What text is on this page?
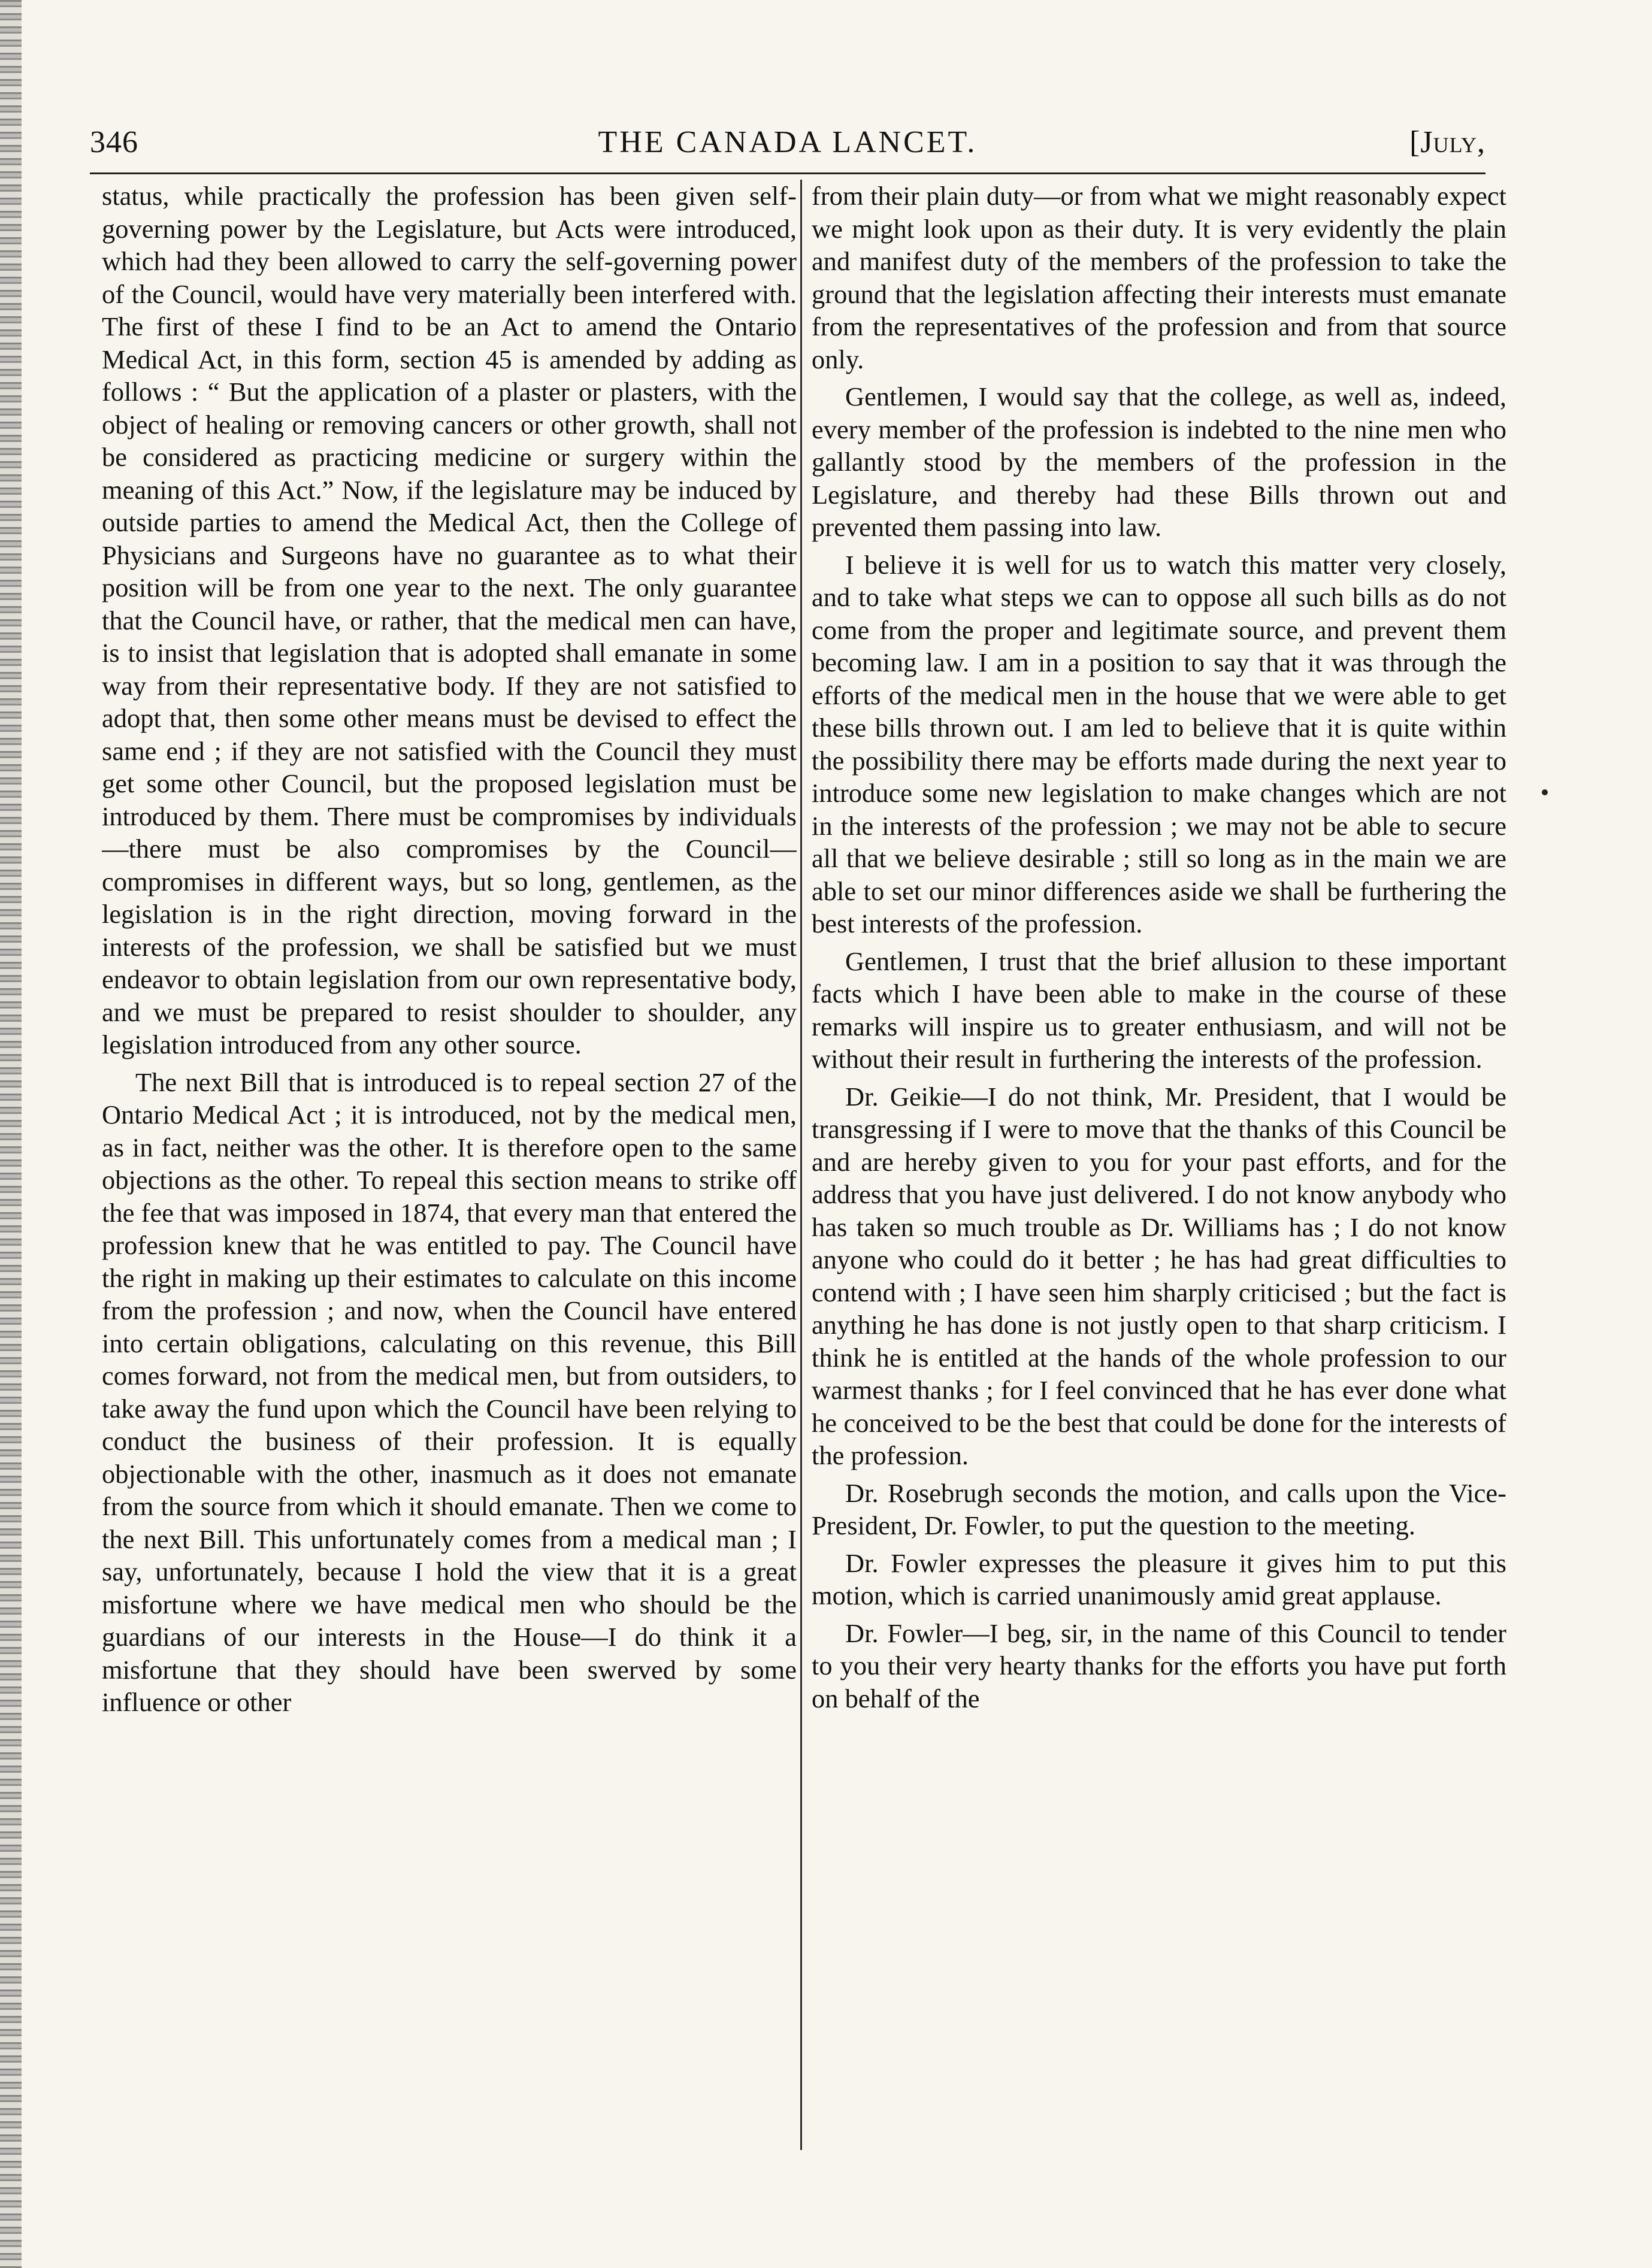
346	THE CANADA LANCET.	[July,

status, while practically the profession has been given self-governing power by the Legislature, but Acts were introduced, which had they been allowed to carry the self-governing power of the Council, would have very materially been interfered with. The first of these I find to be an Act to amend the Ontario Medical Act, in this form, section 45 is amended by adding as follows : “ But the application of a plaster or plasters, with the object of healing or removing cancers or other growth, shall not be considered as practicing medicine or surgery within the meaning of this Act.” Now, if the legislature may be induced by outside parties to amend the Medical Act, then the College of Physicians and Surgeons have no guarantee as to what their position will be from one year to the next. The only guarantee that the Council have, or rather, that the medical men can have, is to insist that legislation that is adopted shall emanate in some way from their representative body. If they are not satisfied to adopt that, then some other means must be devised to effect the same end ; if they are not satisfied with the Council they must get some other Council, but the proposed legislation must be introduced by them. There must be compromises by individuals—there must be also compromises by the Council—compromises in different ways, but so long, gentlemen, as the legislation is in the right direction, moving forward in the interests of the profession, we shall be satisfied but we must endeavor to obtain legislation from our own representative body, and we must be prepared to resist shoulder to shoulder, any legislation introduced from any other source.

The next Bill that is introduced is to repeal section 27 of the Ontario Medical Act ; it is introduced, not by the medical men, as in fact, neither was the other. It is therefore open to the same objections as the other. To repeal this section means to strike off the fee that was imposed in 1874, that every man that entered the profession knew that he was entitled to pay. The Council have the right in making up their estimates to calculate on this income from the profession ; and now, when the Council have entered into certain obligations, calculating on this revenue, this Bill comes forward, not from the medical men, but from outsiders, to take away the fund upon which the Council have been relying to conduct the business of their profession. It is equally objectionable with the other, inasmuch as it does not emanate from the source from which it should emanate. Then we come to the next Bill. This unfortunately comes from a medical man ; I say, unfortunately, because I hold the view that it is a great misfortune where we have medical men who should be the guardians of our interests in the House—I do think it a misfortune that they should have been swerved by some influence or other

from their plain duty—or from what we might reasonably expect we might look upon as their duty. It is very evidently the plain and manifest duty of the members of the profession to take the ground that the legislation affecting their interests must emanate from the representatives of the profession and from that source only.

Gentlemen, I would say that the college, as well as, indeed, every member of the profession is indebted to the nine men who gallantly stood by the members of the profession in the Legislature, and thereby had these Bills thrown out and prevented them passing into law.

I believe it is well for us to watch this matter very closely, and to take what steps we can to oppose all such bills as do not come from the proper and legitimate source, and prevent them becoming law. I am in a position to say that it was through the efforts of the medical men in the house that we were able to get these bills thrown out. I am led to believe that it is quite within the possibility there may be efforts made during the next year to introduce some new legislation to make changes which are not in the interests of the profession ; we may not be able to secure all that we believe desirable ; still so long as in the main we are able to set our minor differences aside we shall be furthering the best interests of the profession.

Gentlemen, I trust that the brief allusion to these important facts which I have been able to make in the course of these remarks will inspire us to greater enthusiasm, and will not be without their result in furthering the interests of the profession.

Dr. Geikie—I do not think, Mr. President, that I would be transgressing if I were to move that the thanks of this Council be and are hereby given to you for your past efforts, and for the address that you have just delivered. I do not know anybody who has taken so much trouble as Dr. Williams has ; I do not know anyone who could do it better ; he has had great difficulties to contend with ; I have seen him sharply criticised ; but the fact is anything he has done is not justly open to that sharp criticism. I think he is entitled at the hands of the whole profession to our warmest thanks ; for I feel convinced that he has ever done what he conceived to be the best that could be done for the interests of the profession.

Dr. Rosebrugh seconds the motion, and calls upon the Vice-President, Dr. Fowler, to put the question to the meeting.

Dr. Fowler expresses the pleasure it gives him to put this motion, which is carried unanimously amid great applause.

Dr. Fowler—I beg, sir, in the name of this Council to tender to you their very hearty thanks for the efforts you have put forth on behalf of the
